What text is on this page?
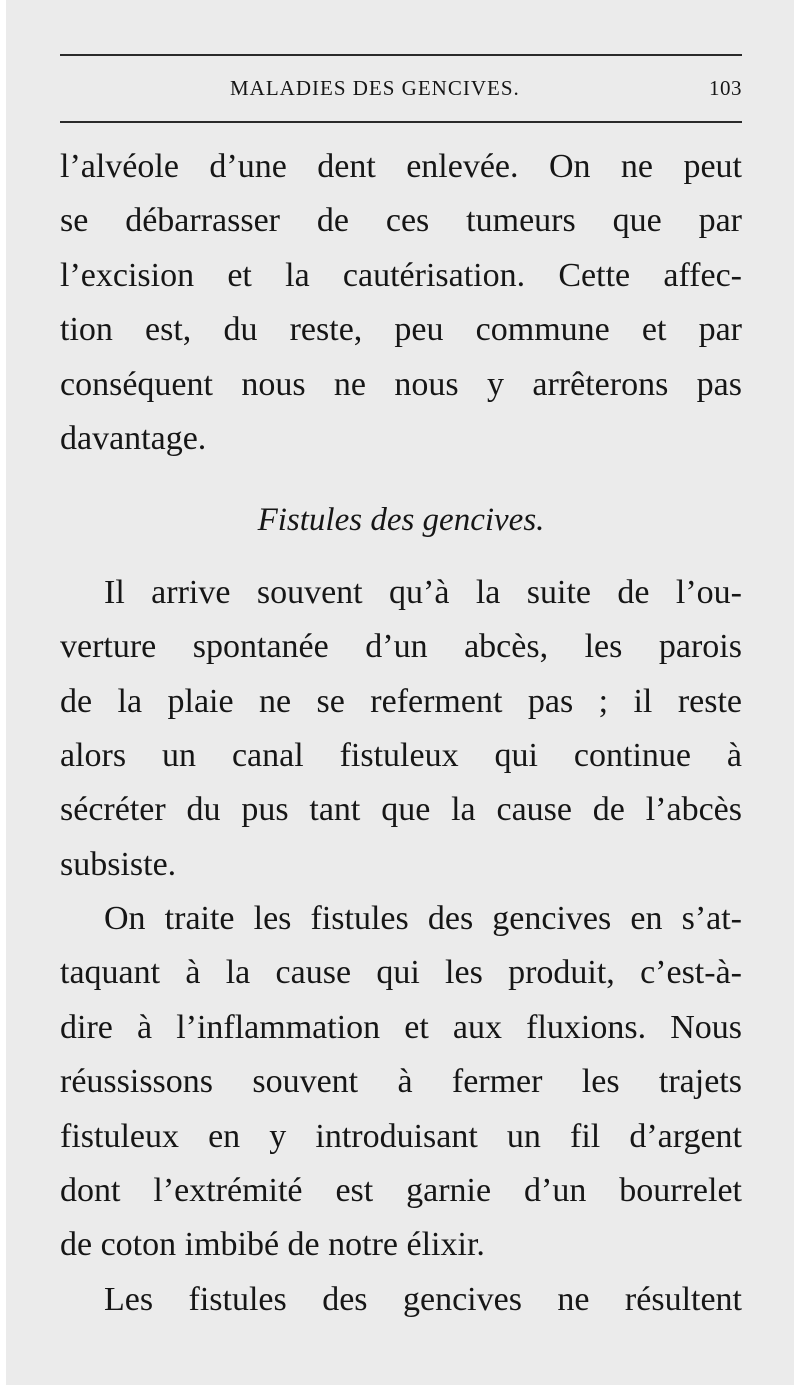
MALADIES DES GENCIVES.	103
l’alvéole d’une dent enlevée. On ne peut
se débarrasser de ces tumeurs que par
l’excision et la cautérisation. Cette affec-
tion est, du reste, peu commune et par
conséquent nous ne nous y arrêterons pas
davantage.
Fistules des gencives.
Il arrive souvent qu’à la suite de l’ou-
verture spontanée d’un abcès, les parois
de la plaie ne se referment pas ; il reste
alors un canal fistuleux qui continue à
sécréter du pus tant que la cause de l’abcès
subsiste.
On traite les fistules des gencives en s’at-
taquant à la cause qui les produit, c’est-à-
dire à l’inflammation et aux fluxions. Nous
réussissons souvent à fermer les trajets
fistuleux en y introduisant un fil d’argent
dont l’extrémité est garnie d’un bourrelet
de coton imbibé de notre élixir.
Les fistules des gencives ne résultent
